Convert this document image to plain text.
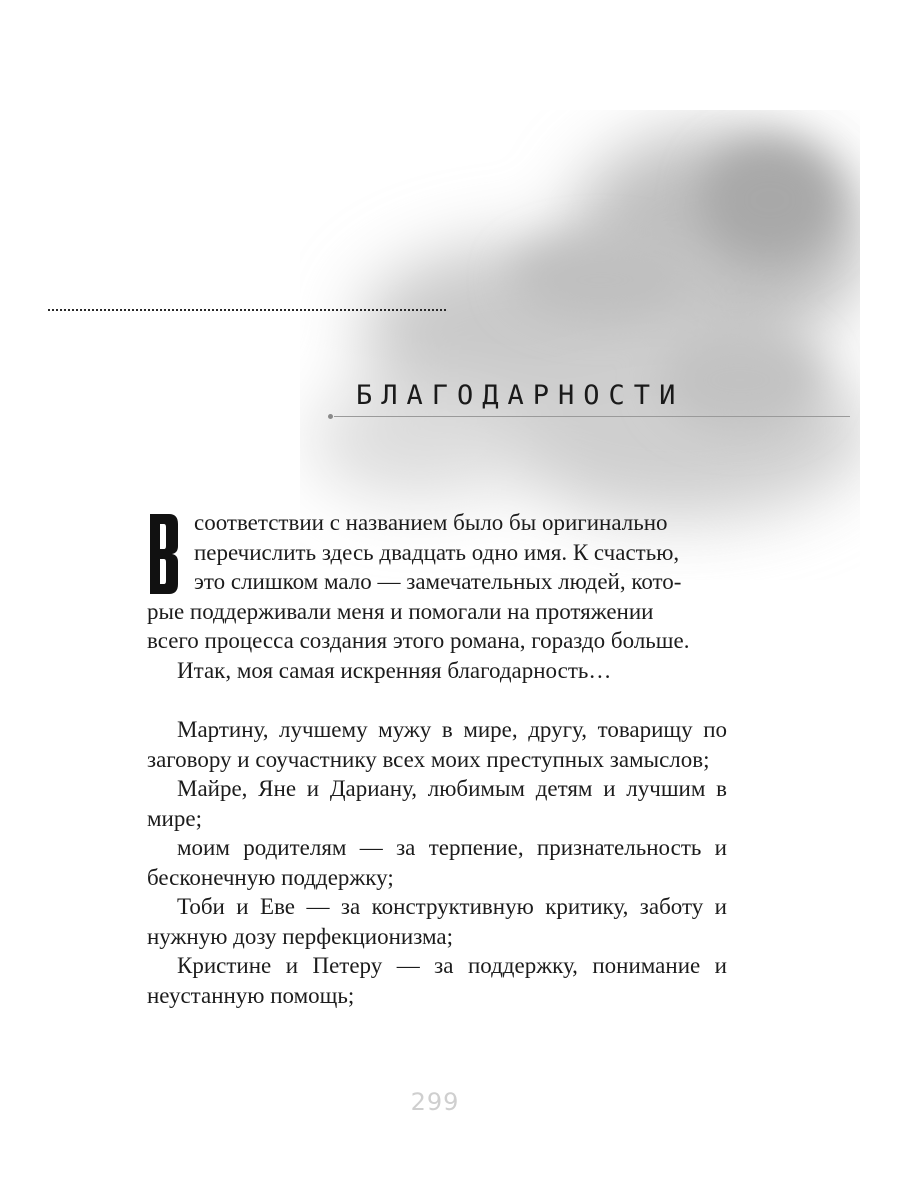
БЛАГОДАРНОСТИ

соответствии с названием было бы оригинально
перечислить здесь двадцать одно имя. К счастью,
это слишком мало — замечательных людей, кото-
рые поддерживали меня и помогали на протяжении
всего процесса создания этого романа, гораздо больше.

Итак, моя самая искренняя благодарность…

Мартину, лучшему мужу в мире, другу, товарищу по заговору и соучастнику всех моих преступных замыслов;

Майре, Яне и Дариану, любимым детям и лучшим в мире;

моим родителям — за терпение, признательность и бесконечную поддержку;

Тоби и Еве — за конструктивную критику, заботу и нужную дозу перфекционизма;

Кристине и Петеру — за поддержку, понимание и неустанную помощь;

299
